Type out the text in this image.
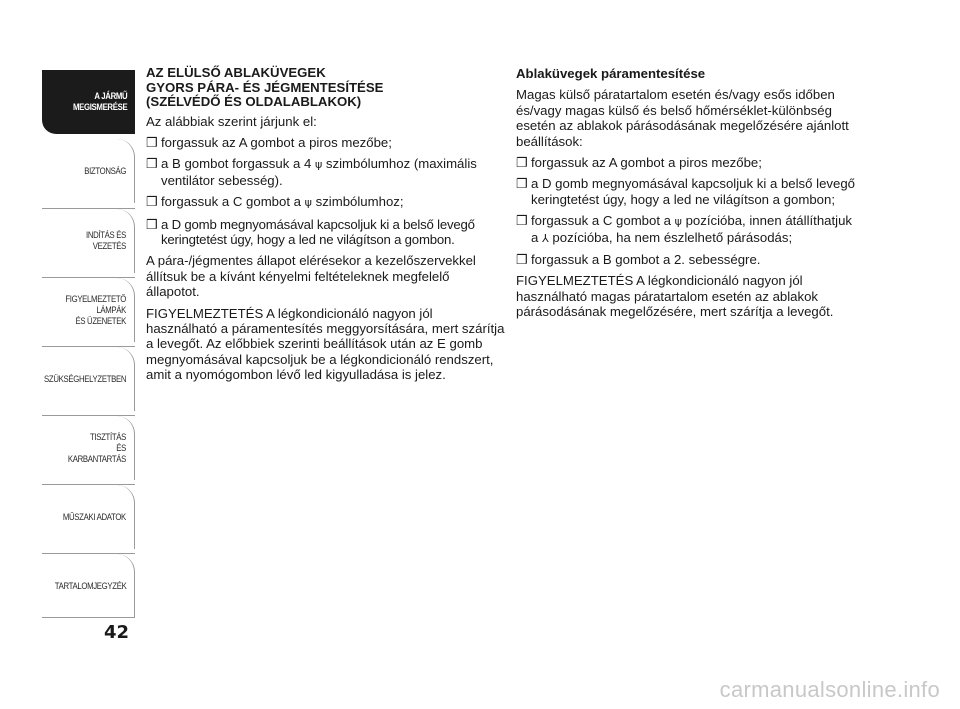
A JÁRMŰ
MEGISMERÉSE
BIZTONSÁG
INDÍTÁS ÉS VEZETÉS
FIGYELMEZTETŐ
LÁMPÁK
ÉS ÜZENETEK
SZÜKSÉGHELYZETBEN
TISZTÍTÁS
ÉS KARBANTARTÁS
MŰSZAKI ADATOK
TARTALOMJEGYZÉK
42

AZ ELÜLSŐ ABLAKÜVEGEK
GYORS PÁRA- ÉS JÉGMENTESÍTÉSE
(SZÉLVÉDŐ ÉS OLDALABLAKOK)

Az alábbiak szerint járjunk el:

❒ forgassuk az A gombot a piros mezőbe;

❒ a B gombot forgassuk a 4 ψ szimbólumhoz (maximális ventilátor sebesség).

❒ forgassuk a C gombot a ψ szimbólumhoz;

❒ a D gomb megnyomásával kapcsoljuk ki a belső levegő keringtetést úgy, hogy a led ne világítson a gombon.

A pára-/jégmentes állapot elérésekor a kezelőszervekkel állítsuk be a kívánt kényelmi feltételeknek megfelelő állapotot.

FIGYELMEZTETÉS A légkondicionáló nagyon jól használható a páramentesítés meggyorsítására, mert szárítja a levegőt. Az előbbiek szerinti beállítások után az E gomb megnyomásával kapcsoljuk be a légkondicionáló rendszert, amit a nyomógombon lévő led kigyulladása is jelez.

Ablaküvegek páramentesítése

Magas külső páratartalom esetén és/vagy esős időben és/vagy magas külső és belső hőmérséklet-különbség esetén az ablakok párásodásának megelőzésére ajánlott beállítások:

❒ forgassuk az A gombot a piros mezőbe;

❒ a D gomb megnyomásával kapcsoljuk ki a belső levegő keringtetést úgy, hogy a led ne világítson a gombon;

❒ forgassuk a C gombot a ψ pozícióba, innen átállíthatjuk a ⅄ pozícióba, ha nem észlelhető párásodás;

❒ forgassuk a B gombot a 2. sebességre.

FIGYELMEZTETÉS A légkondicionáló nagyon jól használható magas páratartalom esetén az ablakok párásodásának megelőzésére, mert szárítja a levegőt.

carmanualsonline.info
